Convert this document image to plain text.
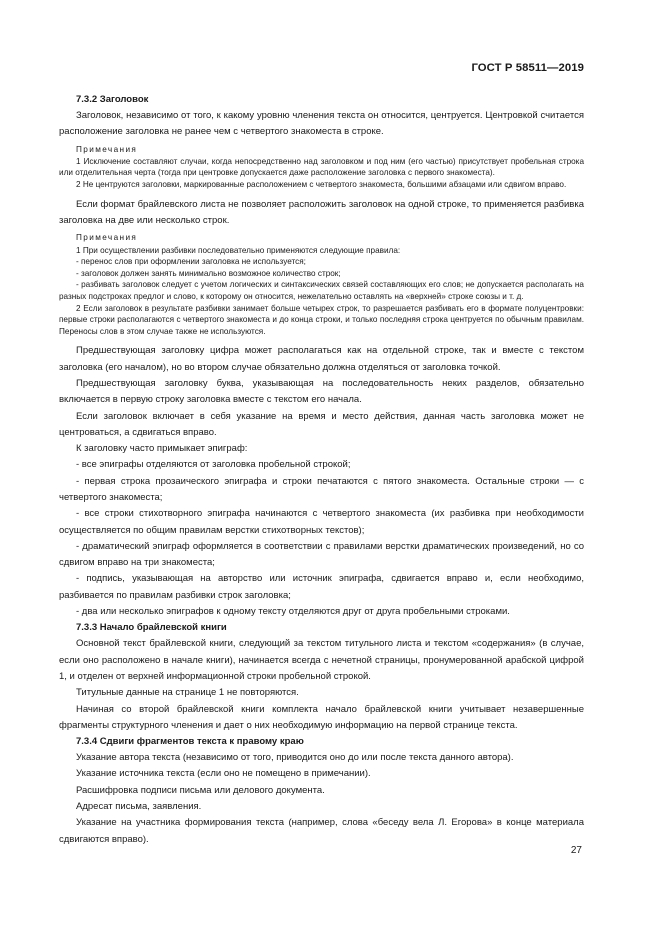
ГОСТ Р 58511—2019

7.3.2 Заголовок

Заголовок, независимо от того, к какому уровню членения текста он относится, центруется. Центровкой считается расположение заголовка не ранее чем с четвертого знакоместа в строке.

Примечания

1 Исключение составляют случаи, когда непосредственно над заголовком и под ним (его частью) присутствует пробельная строка или отделительная черта (тогда при центровке допускается даже расположение заголовка с первого знакоместа).

2 Не центруются заголовки, маркированные расположением с четвертого знакоместа, большими абзацами или сдвигом вправо.

Если формат брайлевского листа не позволяет расположить заголовок на одной строке, то применяется разбивка заголовка на две или несколько строк.

Примечания

1 При осуществлении разбивки последовательно применяются следующие правила:

- перенос слов при оформлении заголовка не используется;

- заголовок должен занять минимально возможное количество строк;

- разбивать заголовок следует с учетом логических и синтаксических связей составляющих его слов; не допускается располагать на разных подстроках предлог и слово, к которому он относится, нежелательно оставлять на «верхней» строке союзы и т. д.

2 Если заголовок в результате разбивки занимает больше четырех строк, то разрешается разбивать его в формате полуцентровки: первые строки располагаются с четвертого знакоместа и до конца строки, и только последняя строка центруется по обычным правилам. Переносы слов в этом случае также не используются.

Предшествующая заголовку цифра может располагаться как на отдельной строке, так и вместе с текстом заголовка (его началом), но во втором случае обязательно должна отделяться от заголовка точкой.

Предшествующая заголовку буква, указывающая на последовательность неких разделов, обязательно включается в первую строку заголовка вместе с текстом его начала.

Если заголовок включает в себя указание на время и место действия, данная часть заголовка может не центроваться, а сдвигаться вправо.

К заголовку часто примыкает эпиграф:

- все эпиграфы отделяются от заголовка пробельной строкой;

- первая строка прозаического эпиграфа и строки печатаются с пятого знакоместа. Остальные строки — с четвертого знакоместа;

- все строки стихотворного эпиграфа начинаются с четвертого знакоместа (их разбивка при необходимости осуществляется по общим правилам верстки стихотворных текстов);

- драматический эпиграф оформляется в соответствии с правилами верстки драматических произведений, но со сдвигом вправо на три знакоместа;

- подпись, указывающая на авторство или источник эпиграфа, сдвигается вправо и, если необходимо, разбивается по правилам разбивки строк заголовка;

- два или несколько эпиграфов к одному тексту отделяются друг от друга пробельными строками.

7.3.3 Начало брайлевской книги

Основной текст брайлевской книги, следующий за текстом титульного листа и текстом «содержания» (в случае, если оно расположено в начале книги), начинается всегда с нечетной страницы, пронумерованной арабской цифрой 1, и отделен от верхней информационной строки пробельной строкой.

Титульные данные на странице 1 не повторяются.

Начиная со второй брайлевской книги комплекта начало брайлевской книги учитывает незавершенные фрагменты структурного членения и дает о них необходимую информацию на первой странице текста.

7.3.4 Сдвиги фрагментов текста к правому краю

Указание автора текста (независимо от того, приводится оно до или после текста данного автора).

Указание источника текста (если оно не помещено в примечании).

Расшифровка подписи письма или делового документа.

Адресат письма, заявления.

Указание на участника формирования текста (например, слова «беседу вела Л. Егорова» в конце материала сдвигаются вправо).

27
